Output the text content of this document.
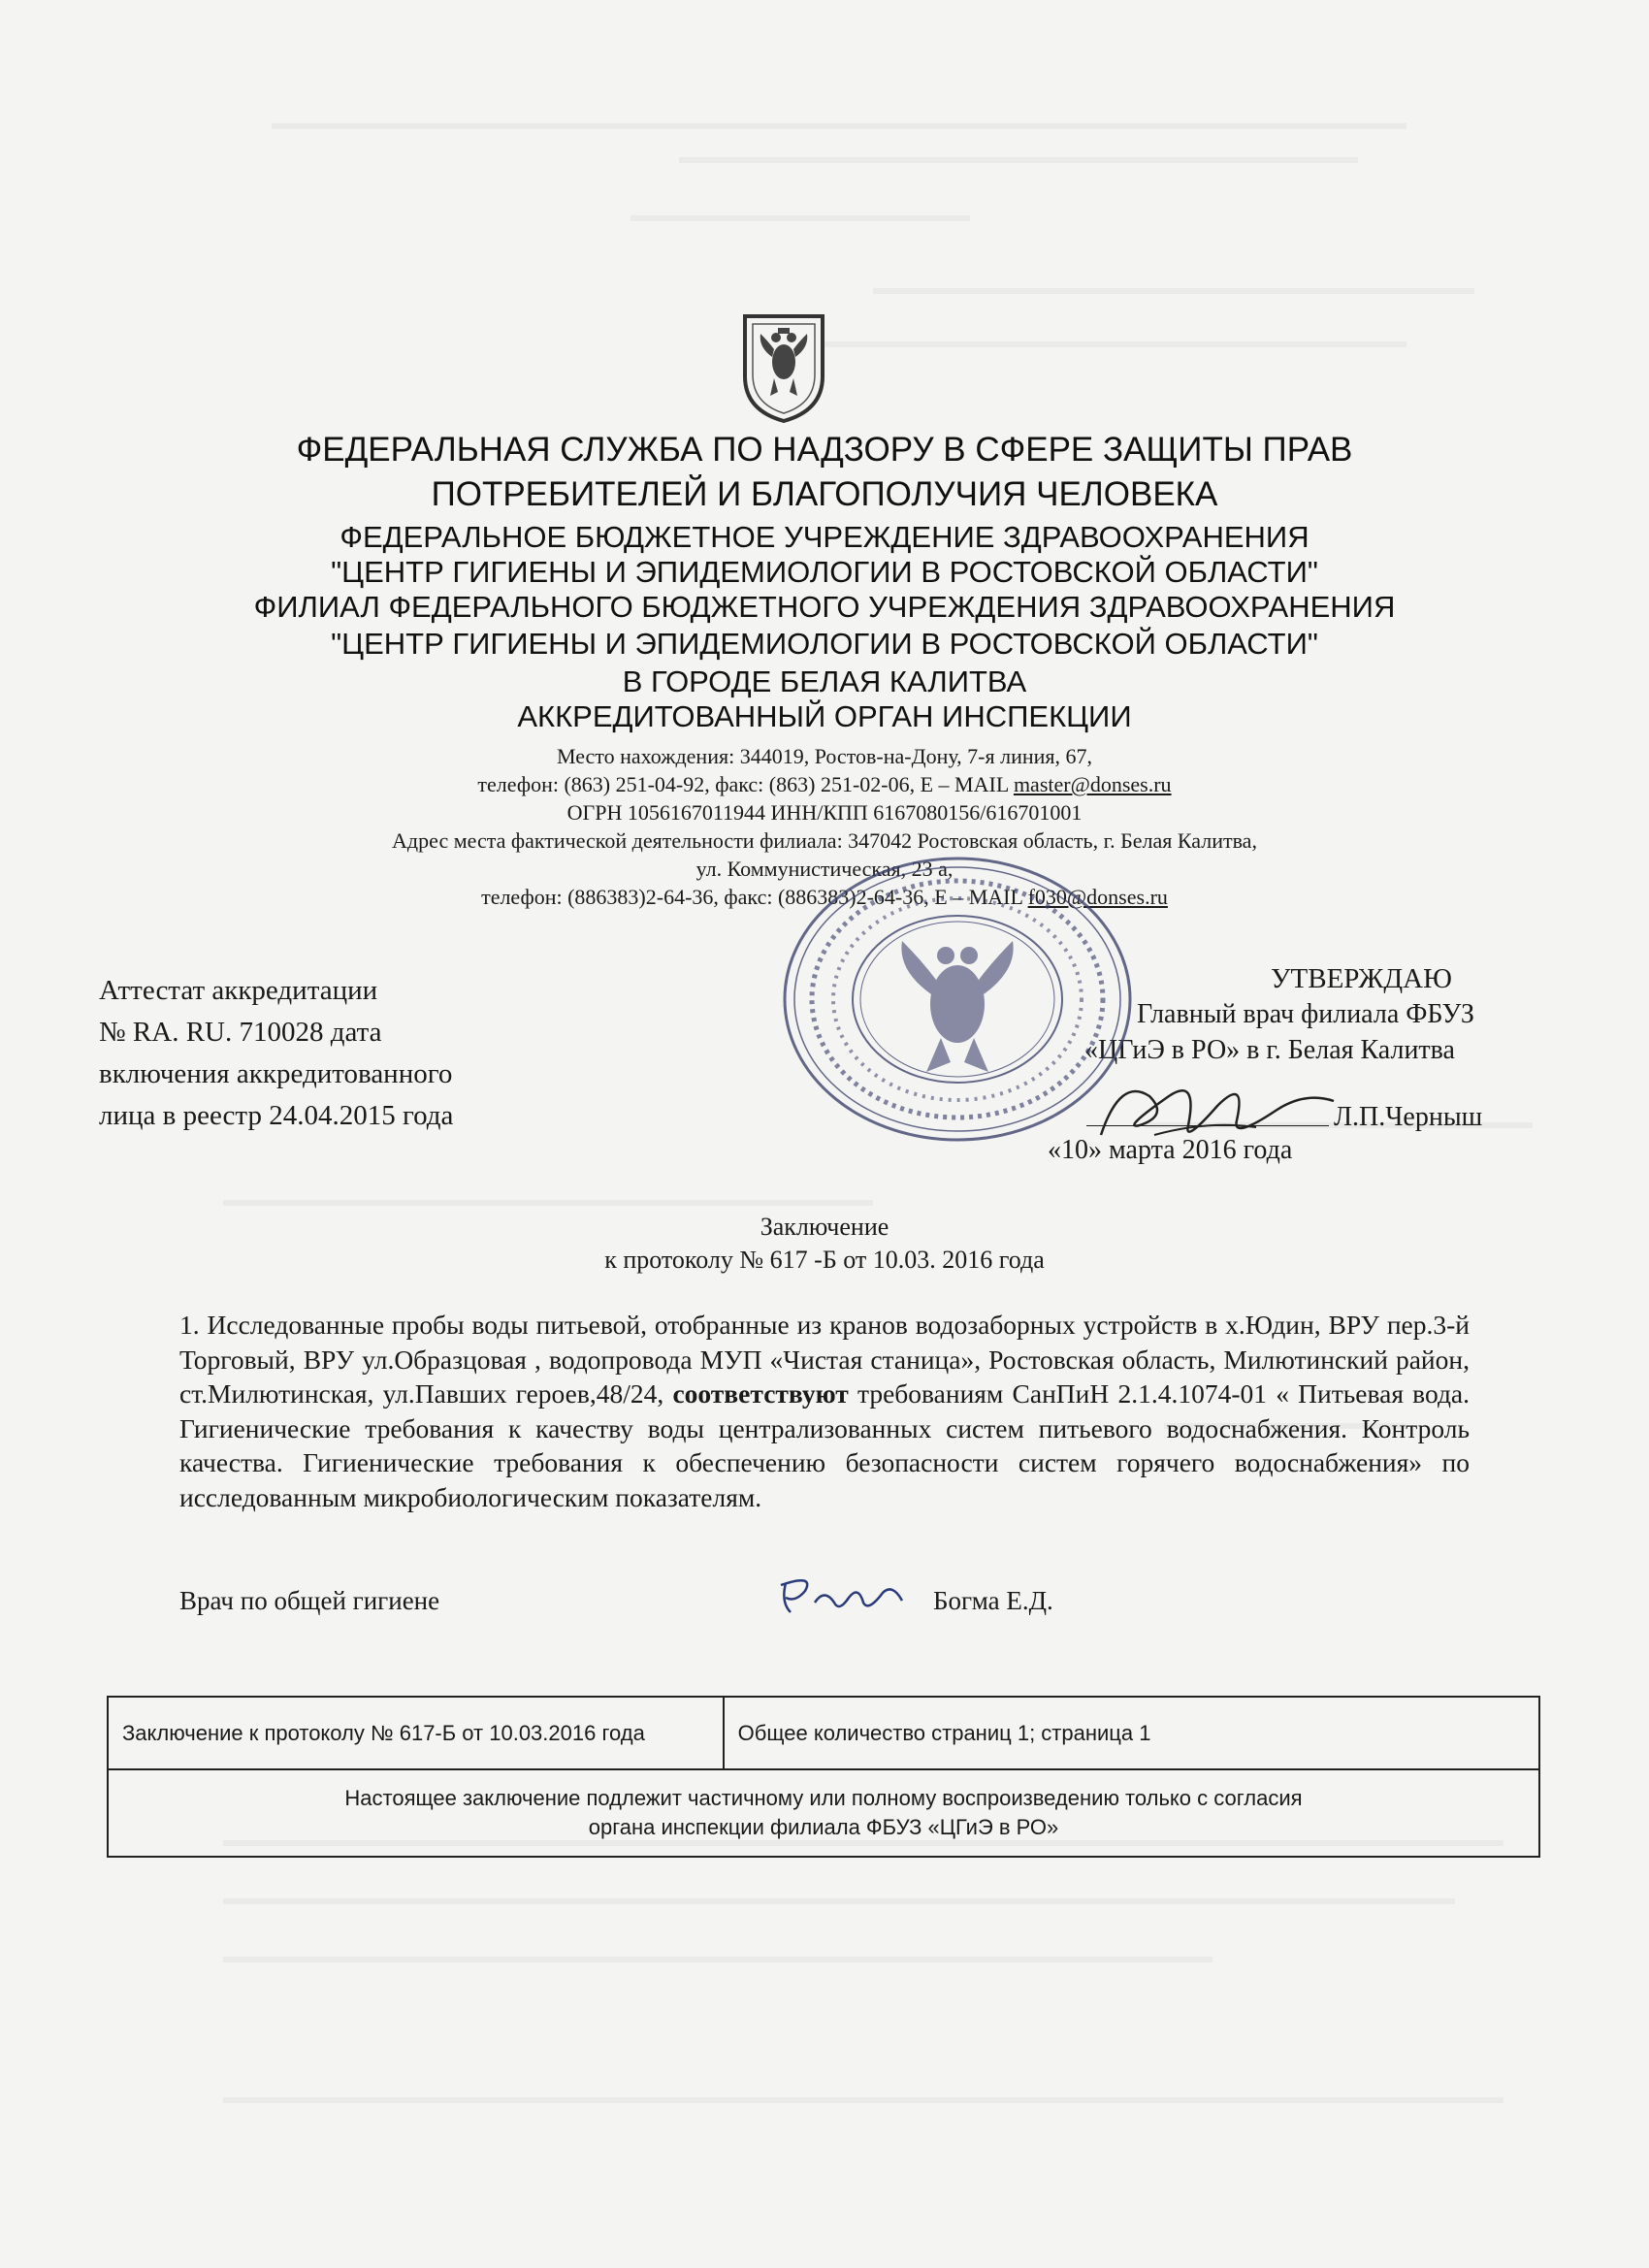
ФЕДЕРАЛЬНАЯ СЛУЖБА ПО НАДЗОРУ В СФЕРЕ ЗАЩИТЫ ПРАВ
ПОТРЕБИТЕЛЕЙ И БЛАГОПОЛУЧИЯ ЧЕЛОВЕКА
ФЕДЕРАЛЬНОЕ БЮДЖЕТНОЕ УЧРЕЖДЕНИЕ ЗДРАВООХРАНЕНИЯ
"ЦЕНТР ГИГИЕНЫ И ЭПИДЕМИОЛОГИИ В РОСТОВСКОЙ ОБЛАСТИ"
ФИЛИАЛ ФЕДЕРАЛЬНОГО БЮДЖЕТНОГО УЧРЕЖДЕНИЯ ЗДРАВООХРАНЕНИЯ
"ЦЕНТР ГИГИЕНЫ И ЭПИДЕМИОЛОГИИ В РОСТОВСКОЙ ОБЛАСТИ"
В ГОРОДЕ БЕЛАЯ КАЛИТВА
АККРЕДИТОВАННЫЙ ОРГАН ИНСПЕКЦИИ
Место нахождения: 344019, Ростов-на-Дону, 7-я линия, 67,
телефон: (863) 251-04-92, факс: (863) 251-02-06, E – MAIL master@donses.ru
ОГРН 1056167011944 ИНН/КПП 6167080156/616701001
Адрес места фактической деятельности филиала: 347042 Ростовская область, г. Белая Калитва,
ул. Коммунистическая, 23 а,
телефон: (886383)2-64-36, факс: (886383)2-64-36, E – MAIL f030@donses.ru
Аттестат аккредитации
№ RA. RU. 710028 дата
включения аккредитованного
лица в реестр 24.04.2015 года
УТВЕРЖДАЮ
Главный врач филиала ФБУЗ
«ЦГиЭ в РО» в г. Белая Калитва
Л.П.Черныш
«10» марта 2016 года
Заключение
к протоколу № 617 -Б от 10.03. 2016 года
1. Исследованные пробы воды питьевой, отобранные из кранов водозаборных устройств в х.Юдин, ВРУ пер.3-й Торговый, ВРУ ул.Образцовая , водопровода МУП «Чистая станица», Ростовская область, Милютинский район, ст.Милютинская, ул.Павших героев,48/24, соответствуют требованиям СанПиН 2.1.4.1074-01 « Питьевая вода. Гигиенические требования к качеству воды централизованных систем питьевого водоснабжения. Контроль качества. Гигиенические требования к обеспечению безопасности систем горячего водоснабжения» по исследованным микробиологическим показателям.
Врач по общей гигиене	Богма Е.Д.
Заключение к протоколу № 617-Б от 10.03.2016 года	Общее количество страниц 1; страница 1

Настоящее заключение подлежит частичному или полному воспроизведению только с согласия
органа инспекции филиала ФБУЗ «ЦГиЭ в РО»
